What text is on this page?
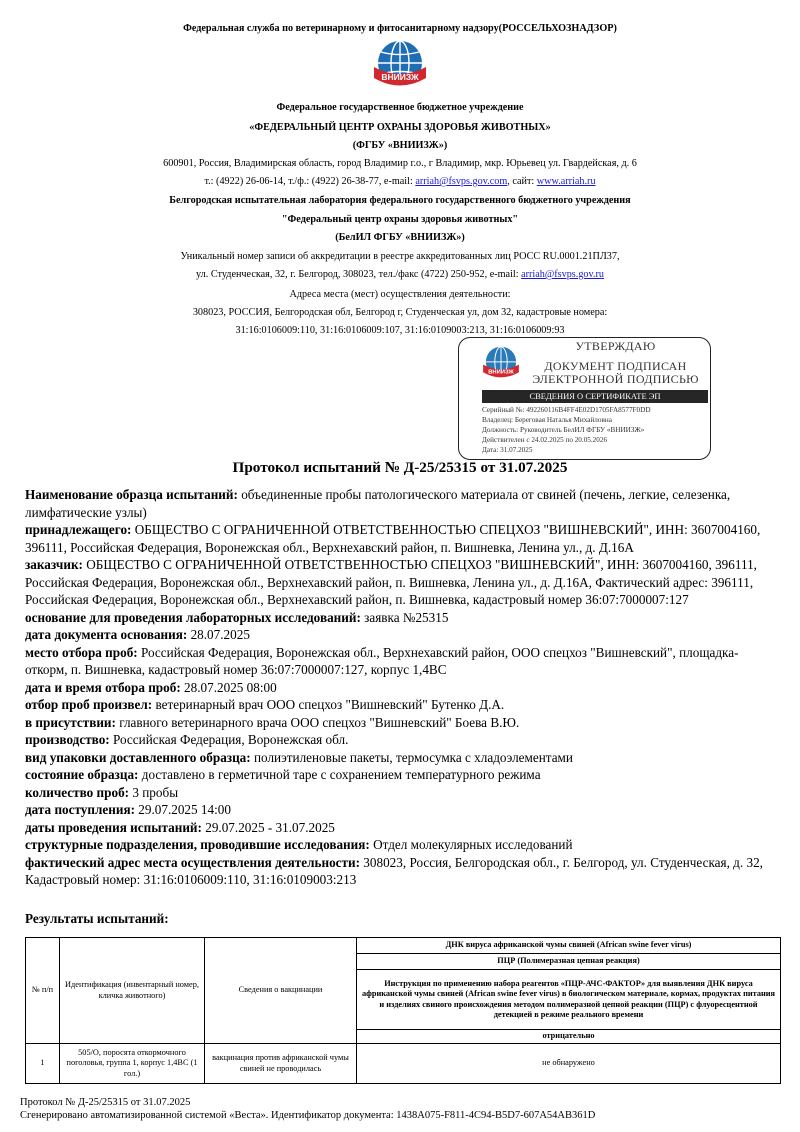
Федеральная служба по ветеринарному и фитосанитарному надзору(РОССЕЛЬХОЗНАДЗОР)
ВНИИЗЖ
Федеральное государственное бюджетное учреждение
«ФЕДЕРАЛЬНЫЙ ЦЕНТР ОХРАНЫ ЗДОРОВЬЯ ЖИВОТНЫХ»
(ФГБУ «ВНИИЗЖ»)
600901, Россия, Владимирская область, город Владимир г.о., г Владимир, мкр. Юрьевец ул. Гвардейская, д. 6
т.: (4922) 26-06-14, т./ф.: (4922) 26-38-77, e-mail: arriah@fsvps.gov.com, сайт: www.arriah.ru
Белгородская испытательная лаборатория федерального государственного бюджетного учреждения
"Федеральный центр охраны здоровья животных"
(БелИЛ ФГБУ «ВНИИЗЖ»)
Уникальный номер записи об аккредитации в реестре аккредитованных лиц РОСС RU.0001.21ПЛ37,
ул. Студенческая, 32, г. Белгород, 308023, тел./факс (4722) 250-952, e-mail: arriah@fsvps.gov.ru
Адреса места (мест) осуществления деятельности:
308023, РОССИЯ, Белгородская обл, Белгород г, Студенческая ул, дом 32, кадастровые номера:
31:16:0106009:110, 31:16:0106009:107, 31:16:0109003:213, 31:16:0106009:93
ВНИИЗЖ
УТВЕРЖДАЮ
ДОКУМЕНТ ПОДПИСАН
ЭЛЕКТРОННОЙ ПОДПИСЬЮ
СВЕДЕНИЯ О СЕРТИФИКАТЕ ЭП
Серийный №: 492260116B4FF4E02D1705FA8577F0DD
Владелец: Береговая Наталья Михайловна
Должность: Руководитель БелИЛ ФГБУ «ВНИИЗЖ»
Действителен с 24.02.2025 по 20.05.2026
Дата: 31.07.2025
Протокол испытаний № Д-25/25315 от 31.07.2025
Наименование образца испытаний: объединенные пробы патологического материала от свиней (печень, легкие, селезенка, лимфатические узлы)
принадлежащего: ОБЩЕСТВО С ОГРАНИЧЕННОЙ ОТВЕТСТВЕННОСТЬЮ СПЕЦХОЗ "ВИШНЕВСКИЙ", ИНН: 3607004160, 396111, Российская Федерация, Воронежская обл., Верхнехавский район, п. Вишневка, Ленина ул., д. Д.16А
заказчик: ОБЩЕСТВО С ОГРАНИЧЕННОЙ ОТВЕТСТВЕННОСТЬЮ СПЕЦХОЗ "ВИШНЕВСКИЙ", ИНН: 3607004160, 396111, Российская Федерация, Воронежская обл., Верхнехавский район, п. Вишневка, Ленина ул., д. Д.16А, Фактический адрес: 396111, Российская Федерация, Воронежская обл., Верхнехавский район, п. Вишневка, кадастровый номер 36:07:7000007:127
основание для проведения лабораторных исследований: заявка №25315
дата документа основания: 28.07.2025
место отбора проб: Российская Федерация, Воронежская обл., Верхнехавский район, ООО спецхоз "Вишневский", площадка-откорм, п. Вишневка, кадастровый номер 36:07:7000007:127, корпус 1,4ВС
дата и время отбора проб: 28.07.2025 08:00
отбор проб произвел: ветеринарный врач ООО спецхоз "Вишневский" Бутенко Д.А.
в присутствии: главного ветеринарного врача ООО спецхоз "Вишневский" Боева В.Ю.
производство: Российская Федерация, Воронежская обл.
вид упаковки доставленного образца: полиэтиленовые пакеты, термосумка с хладоэлементами
состояние образца: доставлено в герметичной таре с сохранением температурного режима
количество проб: 3 пробы
дата поступления: 29.07.2025 14:00
даты проведения испытаний: 29.07.2025 - 31.07.2025
структурные подразделения, проводившие исследования: Отдел молекулярных исследований
фактический адрес места осуществления деятельности: 308023, Россия, Белгородская обл., г. Белгород, ул. Студенческая, д. 32, Кадастровый номер: 31:16:0106009:110, 31:16:0109003:213
Результаты испытаний:
№ п/п	Идентификация (инвентарный номер, кличка животного)	Сведения о вакцинации	ДНК вируса африканской чумы свиней (African swine fever virus)
			ПЦР (Полимеразная цепная реакция)
			Инструкция по применению набора реагентов «ПЦР-АЧС-ФАКТОР» для выявления ДНК вируса африканской чумы свиней (African swine fever virus) в биологическом материале, кормах, продуктах питания и изделиях свиного происхождения методом полимеразной цепной реакции (ПЦР) с флуоресцентной детекцией в режиме реального времени
			отрицательно

1	505/О, поросята откормочного поголовья, группа 1, корпус 1,4ВС (1 гол.)	вакцинация против африканской чумы свиней не проводилась	не обнаружено
Протокол № Д-25/25315 от 31.07.2025
Сгенерировано автоматизированной системой «Веста». Идентификатор документа: 1438A075-F811-4C94-B5D7-607A54AB361D
